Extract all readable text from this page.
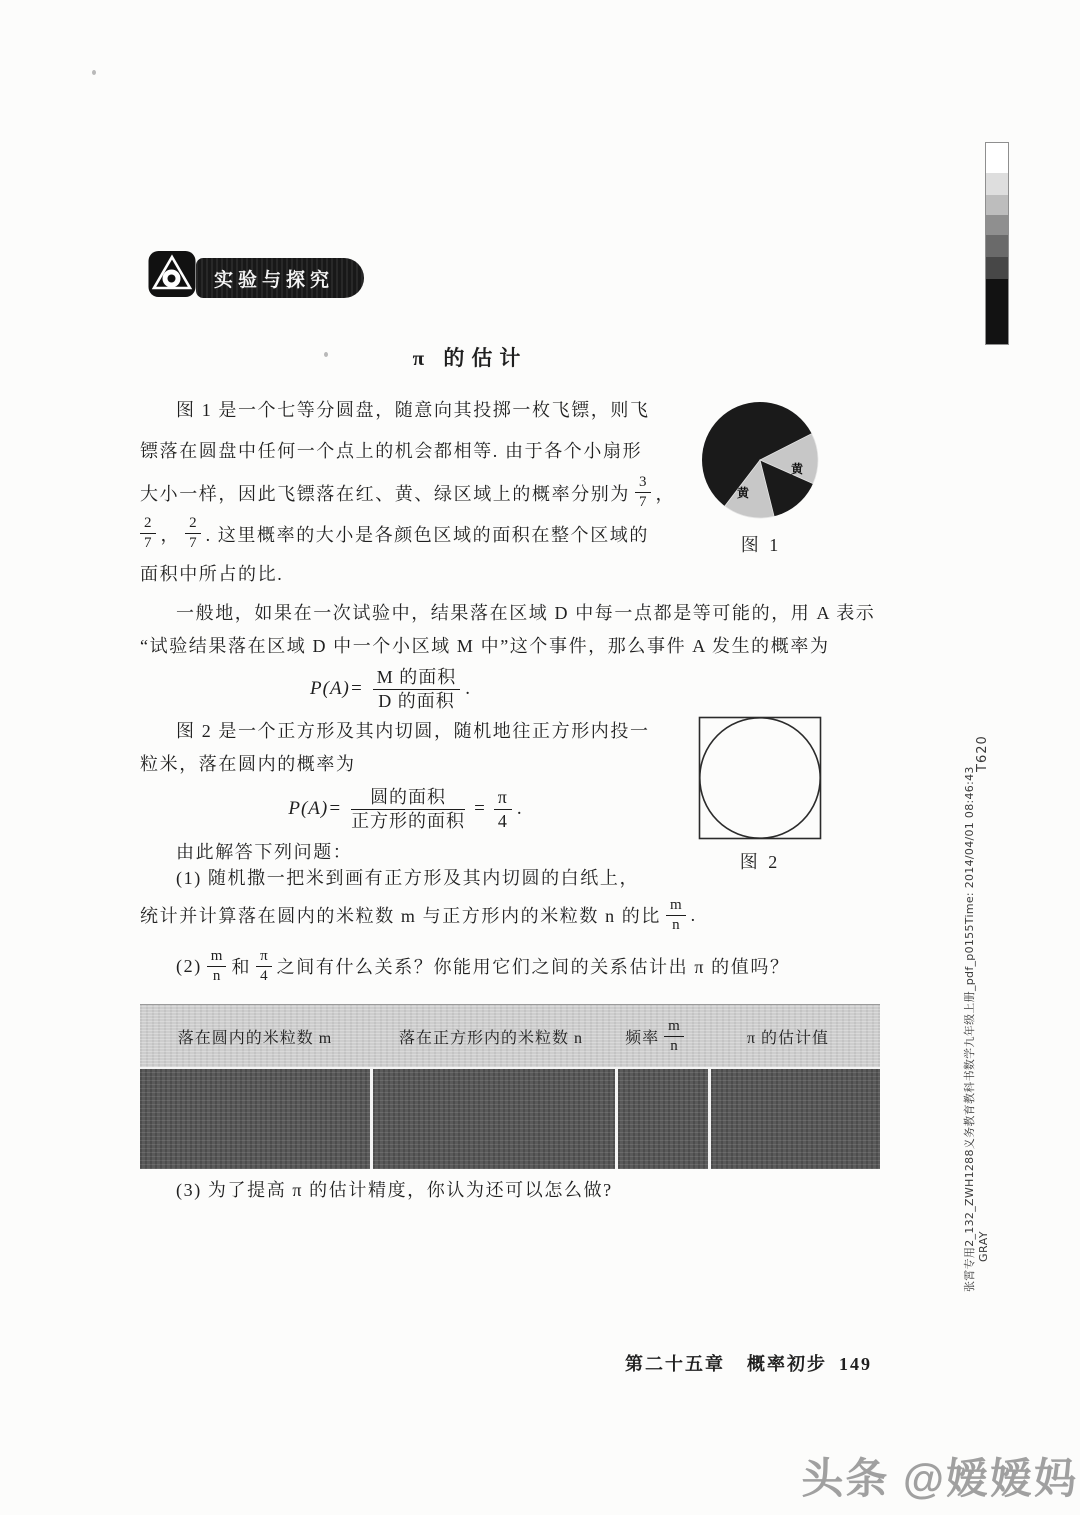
实验与探究
π 的估计
图 1 是一个七等分圆盘，随意向其投掷一枚飞镖，则飞
镖落在圆盘中任何一个点上的机会都相等. 由于各个小扇形
大小一样，因此飞镖落在红、黄、绿区域上的概率分别为 $\frac{3}{7}$ ，
$\frac{2}{7}$ ， $\frac{2}{7}$ . 这里概率的大小是各颜色区域的面积在整个区域的
面积中所占的比.
黄
黄
图 1
一般地，如果在一次试验中，结果落在区域 D 中每一点都是等可能的，用 A 表示
“试验结果落在区域 D 中一个小区域 M 中”这个事件，那么事件 A 发生的概率为
$P(A)= \frac{\text{M 的面积}}{\text{D 的面积}}$ .
图 2 是一个正方形及其内切圆，随机地往正方形内投一
粒米，落在圆内的概率为
$P(A)= \frac{\text{圆的面积}}{\text{正方形的面积}} = \frac{\pi}{4}$ .
由此解答下列问题：	图 2
(1) 随机撒一把米到画有正方形及其内切圆的白纸上，
统计并计算落在圆内的米粒数 m 与正方形内的米粒数 n 的比 $\frac{m}{n}$ .
$(2) \frac{m}{n}$ 和 $\frac{\pi}{4}$ 之间有什么关系？你能用它们之间的关系估计出 π 的值吗？
落在圆内的米粒数 m	落在正方形内的米粒数 n	频率 $\frac{m}{n}$	π 的估计值
(3) 为了提高 π 的估计精度，你认为还可以怎么做?
第二十五章 概率初步 149
T620
张霄专用2_132_ZWH1288义务教育教科书数学九年级上册_pdf_p0155Time: 2014/04/01 08:46:43 GRAY
头条 @嫒嫒妈
